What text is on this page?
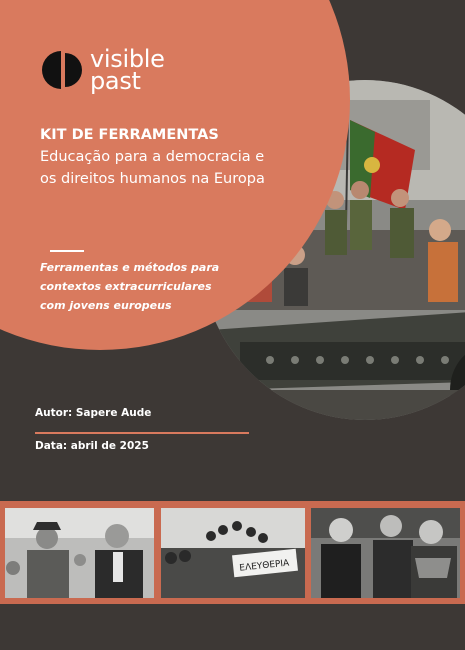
visible
past
KIT DE FERRAMENTAS
Educação para a democracia e
os direitos humanos na Europa
Ferramentas e métodos para
contextos extracurriculares
com jovens europeus
Autor: Sapere Aude
Data: abril de 2025
ΕΛΕΥΘΕΡΙΑ
